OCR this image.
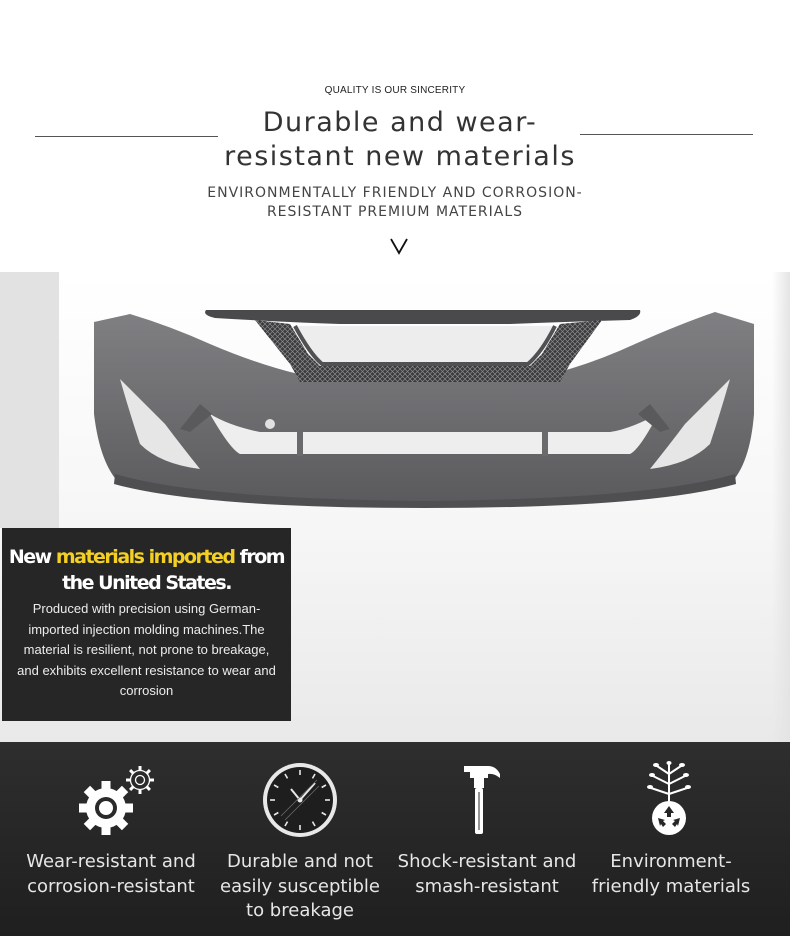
QUALITY IS OUR SINCERITY
Durable and wear-resistant new materials
ENVIRONMENTALLY FRIENDLY AND CORROSION-RESISTANT PREMIUM MATERIALS
New materials imported from the United States.
Produced with precision using German-imported injection molding machines.The material is resilient, not prone to breakage, and exhibits excellent resistance to wear and corrosion
Wear-resistant and corrosion-resistant
Durable and not easily susceptible to breakage
Shock-resistant and smash-resistant
Environment-friendly materials
